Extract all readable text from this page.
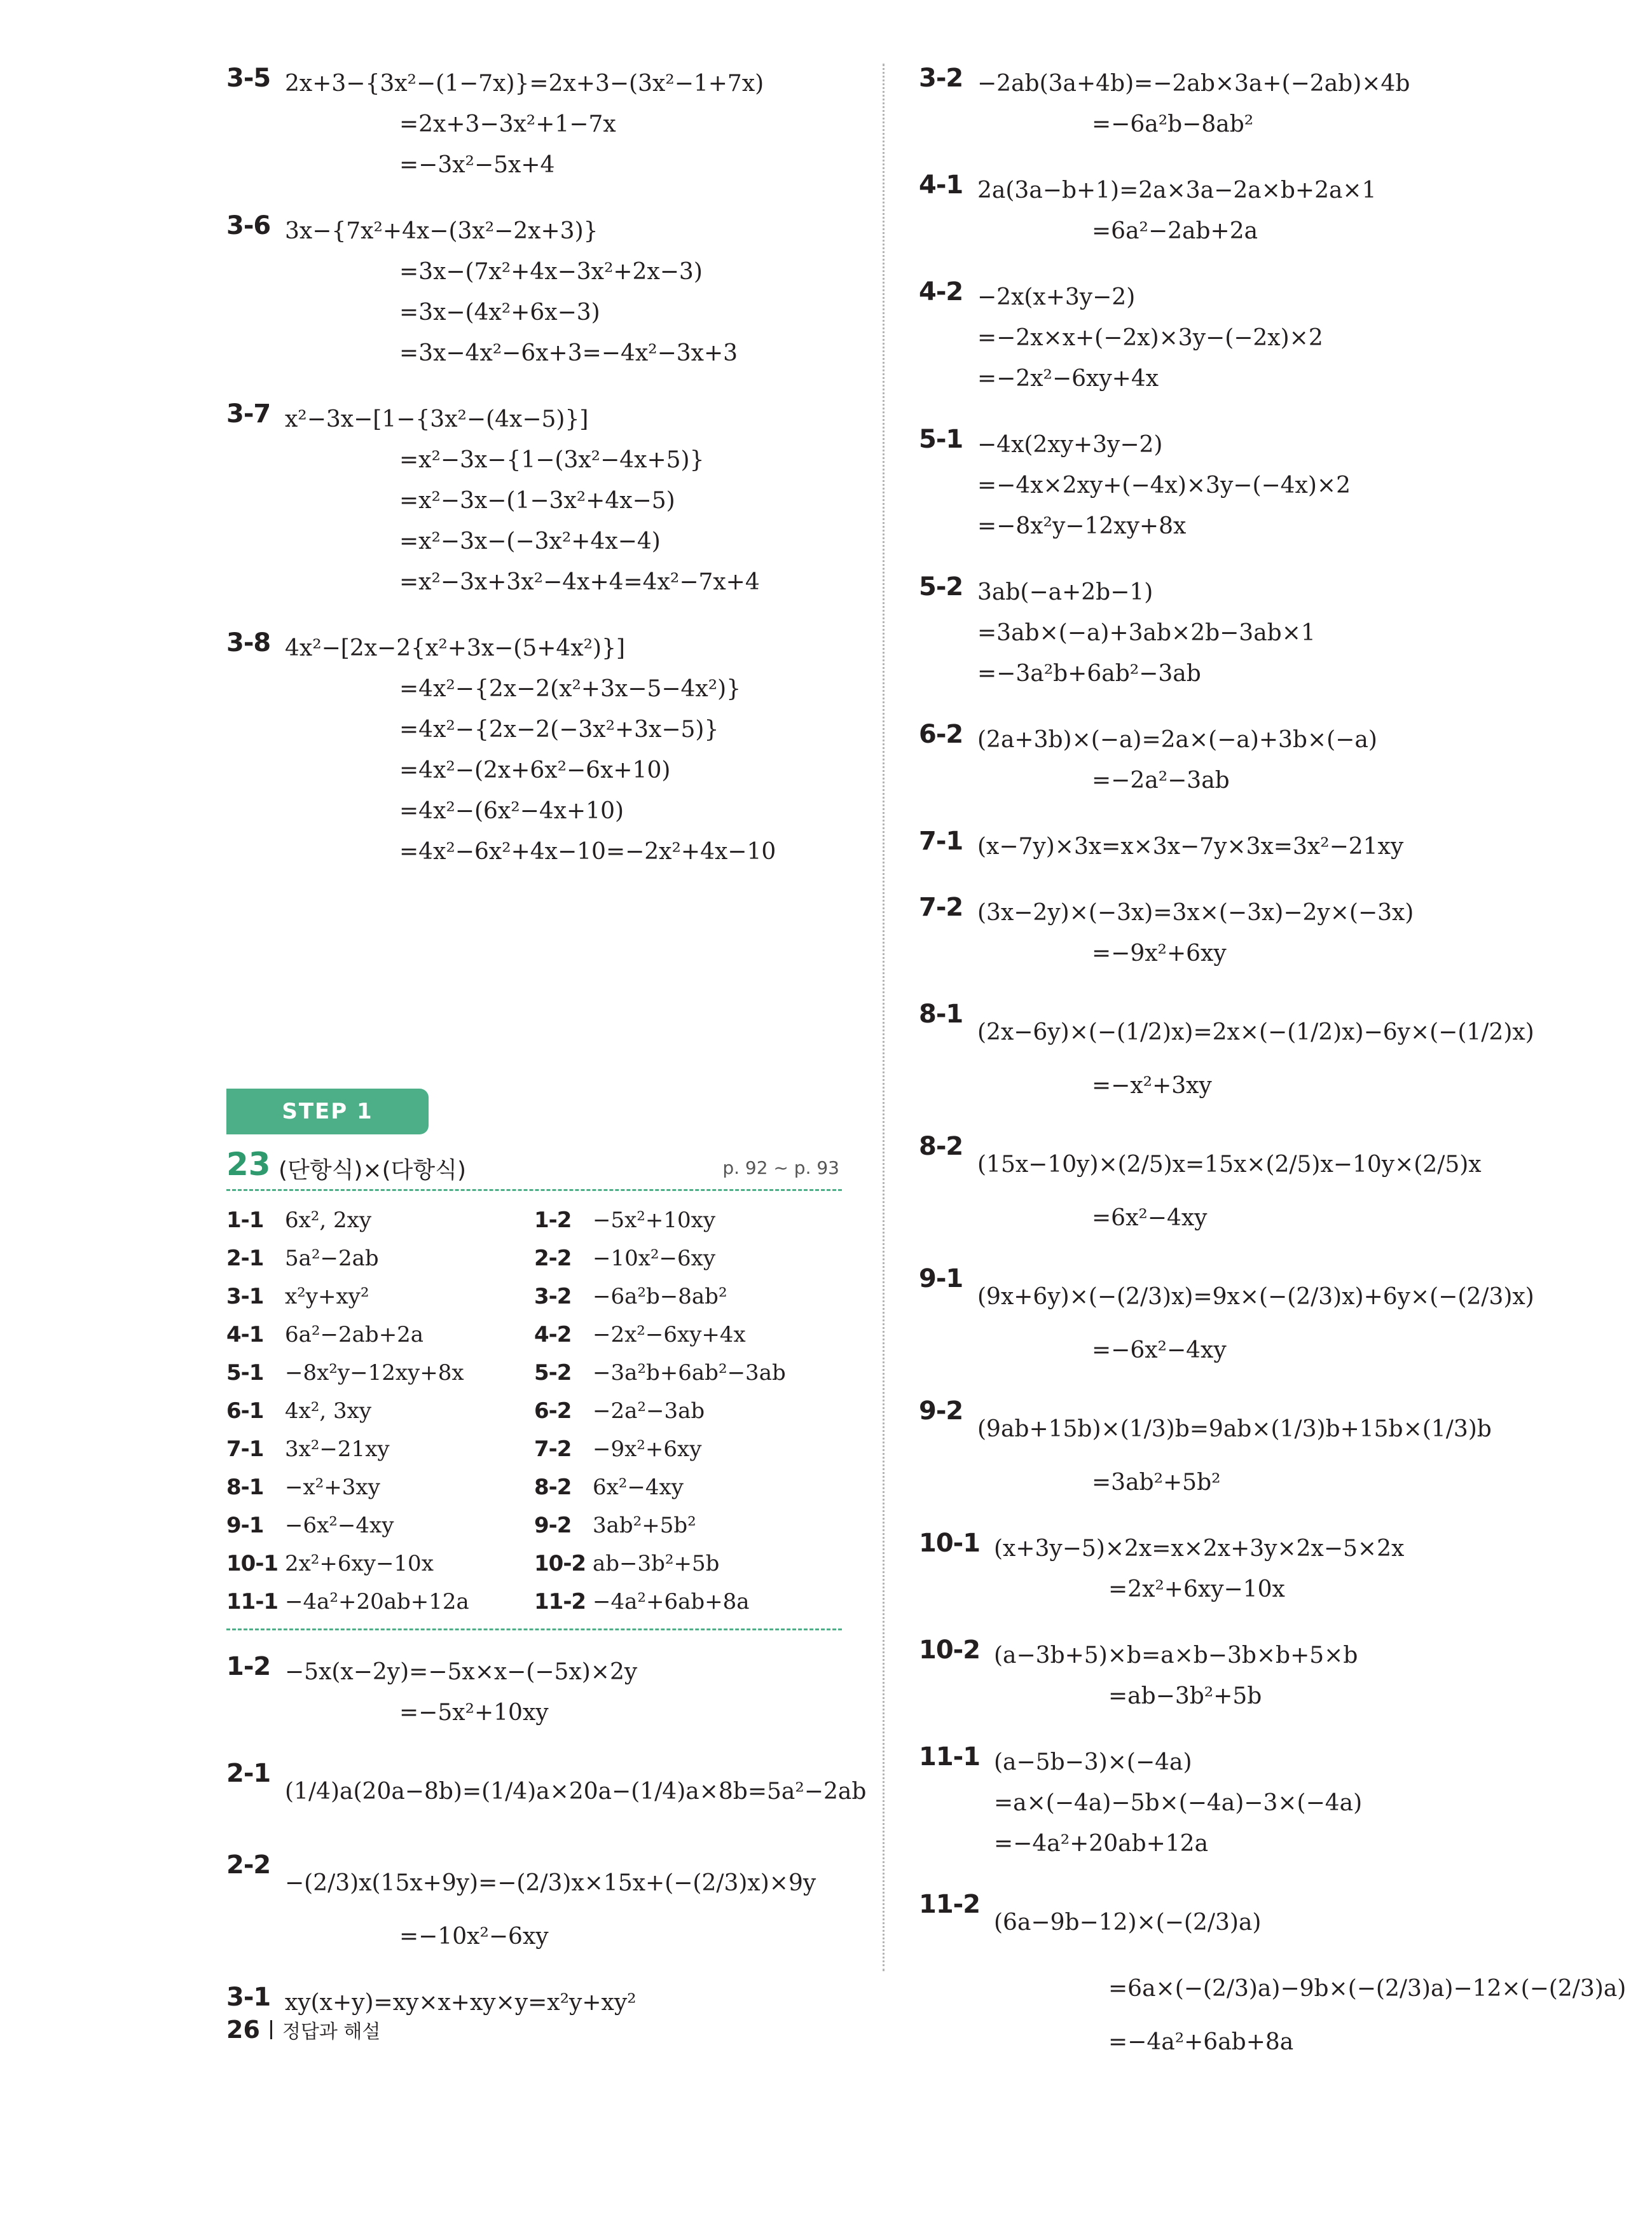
3-5 2x+3−{3x²−(1−7x)}=2x+3−(3x²−1+7x)
=2x+3−3x²+1−7x
=−3x²−5x+4
3-6 3x−{7x²+4x−(3x²−2x+3)}
=3x−(7x²+4x−3x²+2x−3)
=3x−(4x²+6x−3)
=3x−4x²−6x+3=−4x²−3x+3
3-7 x²−3x−[1−{3x²−(4x−5)}]
=x²−3x−{1−(3x²−4x+5)}
=x²−3x−(1−3x²+4x−5)
=x²−3x−(−3x²+4x−4)
=x²−3x+3x²−4x+4=4x²−7x+4
3-8 4x²−[2x−2{x²+3x−(5+4x²)}]
=4x²−{2x−2(x²+3x−5−4x²)}
=4x²−{2x−2(−3x²+3x−5)}
=4x²−(2x+6x²−6x+10)
=4x²−(6x²−4x+10)
=4x²−6x²+4x−10=−2x²+4x−10
STEP 1
23 (단항식)×(다항식)	p. 92 ~ p. 93
1-1 6x², 2xy	1-2 −5x²+10xy
2-1 5a²−2ab	2-2 −10x²−6xy
3-1 x²y+xy²	3-2 −6a²b−8ab²
4-1 6a²−2ab+2a	4-2 −2x²−6xy+4x
5-1 −8x²y−12xy+8x	5-2 −3a²b+6ab²−3ab
6-1 4x², 3xy	6-2 −2a²−3ab
7-1 3x²−21xy	7-2 −9x²+6xy
8-1 −x²+3xy	8-2 6x²−4xy
9-1 −6x²−4xy	9-2 3ab²+5b²
10-1 2x²+6xy−10x	10-2 ab−3b²+5b
11-1 −4a²+20ab+12a	11-2 −4a²+6ab+8a
1-2 −5x(x−2y)=−5x×x−(−5x)×2y
=−5x²+10xy
2-1
(1/4)a(20a−8b)=(1/4)a×20a−(1/4)a×8b=5a²−2ab
2-2
−(2/3)x(15x+9y)=−(2/3)x×15x+(−(2/3)x)×9y
=−10x²−6xy
3-1 xy(x+y)=xy×x+xy×y=x²y+xy²
3-2 −2ab(3a+4b)=−2ab×3a+(−2ab)×4b
=−6a²b−8ab²
4-1 2a(3a−b+1)=2a×3a−2a×b+2a×1
=6a²−2ab+2a
4-2 −2x(x+3y−2)
=−2x×x+(−2x)×3y−(−2x)×2
=−2x²−6xy+4x
5-1 −4x(2xy+3y−2)
=−4x×2xy+(−4x)×3y−(−4x)×2
=−8x²y−12xy+8x
5-2 3ab(−a+2b−1)
=3ab×(−a)+3ab×2b−3ab×1
=−3a²b+6ab²−3ab
6-2 (2a+3b)×(−a)=2a×(−a)+3b×(−a)
=−2a²−3ab
7-1 (x−7y)×3x=x×3x−7y×3x=3x²−21xy
7-2 (3x−2y)×(−3x)=3x×(−3x)−2y×(−3x)
=−9x²+6xy
8-1
(2x−6y)×(−(1/2)x)=2x×(−(1/2)x)−6y×(−(1/2)x)
=−x²+3xy
8-2
(15x−10y)×(2/5)x=15x×(2/5)x−10y×(2/5)x
=6x²−4xy
9-1
(9x+6y)×(−(2/3)x)=9x×(−(2/3)x)+6y×(−(2/3)x)
=−6x²−4xy
9-2
(9ab+15b)×(1/3)b=9ab×(1/3)b+15b×(1/3)b
=3ab²+5b²
10-1 (x+3y−5)×2x=x×2x+3y×2x−5×2x
=2x²+6xy−10x
10-2 (a−3b+5)×b=a×b−3b×b+5×b
=ab−3b²+5b
11-1 (a−5b−3)×(−4a)
=a×(−4a)−5b×(−4a)−3×(−4a)
=−4a²+20ab+12a
11-2
(6a−9b−12)×(−(2/3)a)
=6a×(−(2/3)a)−9b×(−(2/3)a)−12×(−(2/3)a)
=−4a²+6ab+8a
26 정답과 해설
